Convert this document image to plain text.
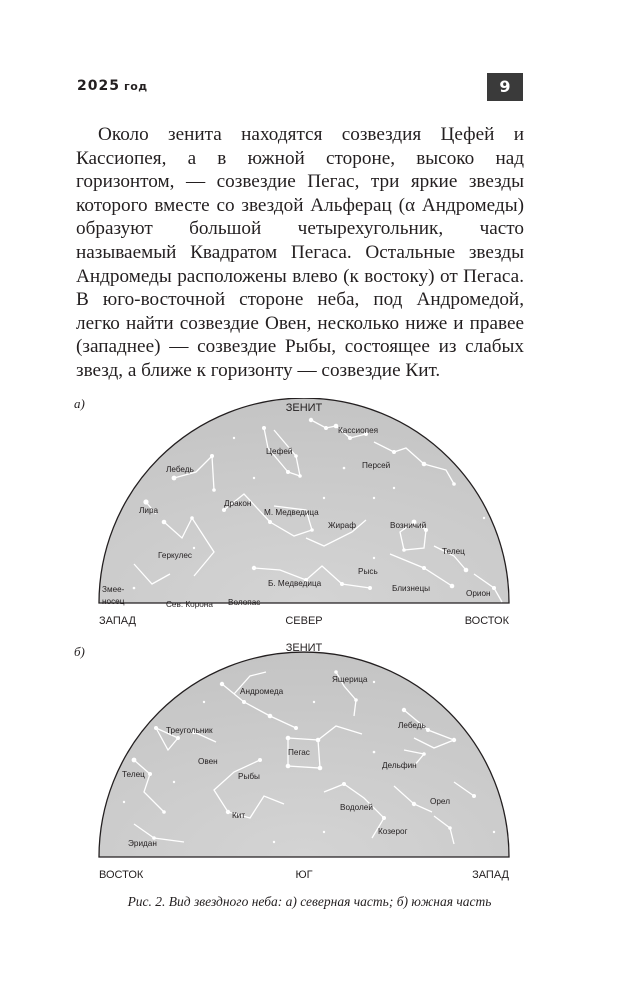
2025 год	9

Около зенита находятся созвездия Цефей и Кассиопея, а в южной стороне, высоко над горизонтом, — созвездие Пегас, три яркие звезды которого вместе со звездой Альферац (α Андромеды) образуют большой четырехугольник, часто называемый Квадратом Пегаса. Остальные звезды Андромеды расположены влево (к востоку) от Пегаса. В юго-восточной стороне неба, под Андромедой, легко найти созвездие Овен, несколько ниже и правее (западнее) — созвездие Рыбы, состоящее из слабых звезд, а ближе к горизонту — созвездие Кит.

а)	ЗЕНИТ
ЗАПАД	СЕВЕР	ВОСТОК
Кассиопея
Цефей
Персей
Лебедь
Дракон
М. Медведица
Лира
Жираф	Возничий
Геркулес	Телец
Рысь
Б. Медведица
Змее-
носец	Сев. Корона Волопас
Близнецы
Орион
б)	ЗЕНИТ
ВОСТОК	ЮГ	ЗАПАД
Андромеда
Ящерица
Треугольник
Лебедь
Овен
Пегас
Телец	Рыбы
Дельфин
Орел
Водолей
Кит
Козерог
Эридан
Рис. 2. Вид звездного неба: а) северная часть; б) южная часть
